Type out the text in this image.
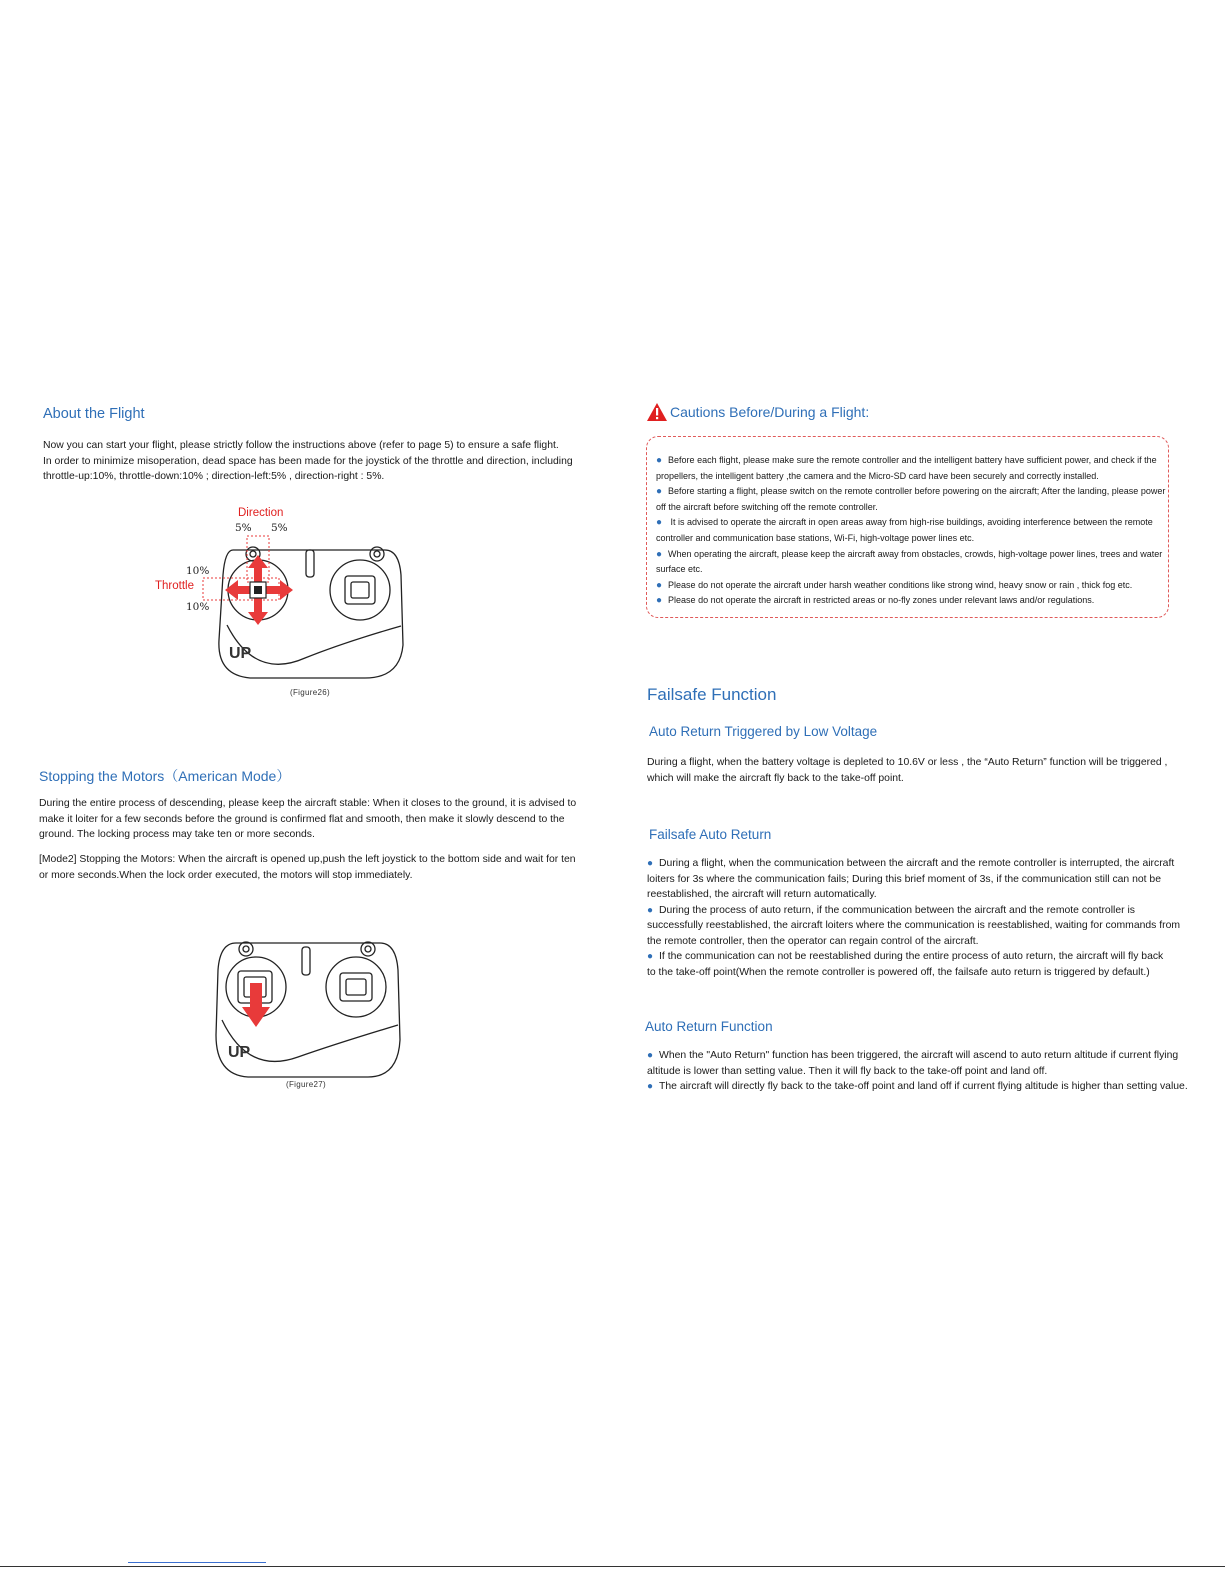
About the Flight
Now you can start your flight, please strictly follow the instructions above (refer to page 5) to ensure a safe flight.
In order to minimize misoperation, dead space has been made for the joystick of the throttle and direction, including
throttle-up:10%, throttle-down:10% ; direction-left:5% , direction-right : 5%.
Direction
5% 5%
10%
Throttle
10%
UP
(Figure26)
Stopping the Motors（American Mode）
During the entire process of descending, please keep the aircraft stable: When it closes to the ground, it is advised to
make it loiter for a few seconds before the ground is confirmed flat and smooth, then make it slowly descend to the
ground. The locking process may take ten or more seconds.
[Mode2] Stopping the Motors: When the aircraft is opened up,push the left joystick to the bottom side and wait for ten
or more seconds.When the lock order executed, the motors will stop immediately.
UP
(Figure27)
Cautions Before/During a Flight:
● Before each flight, please make sure the remote controller and the intelligent battery have sufficient power, and check if the
propellers, the intelligent battery ,the camera and the Micro-SD card have been securely and correctly installed.
● Before starting a flight, please switch on the remote controller before powering on the aircraft; After the landing, please power
off the aircraft before switching off the remote controller.
● It is advised to operate the aircraft in open areas away from high-rise buildings, avoiding interference between the remote
controller and communication base stations, Wi-Fi, high-voltage power lines etc.
● When operating the aircraft, please keep the aircraft away from obstacles, crowds, high-voltage power lines, trees and water
surface etc.
● Please do not operate the aircraft under harsh weather conditions like strong wind, heavy snow or rain , thick fog etc.
● Please do not operate the aircraft in restricted areas or no-fly zones under relevant laws and/or regulations.
Failsafe Function
Auto Return Triggered by Low Voltage
During a flight, when the battery voltage is depleted to 10.6V or less , the “Auto Return” function will be triggered ,
which will make the aircraft fly back to the take-off point.
Failsafe Auto Return
● During a flight, when the communication between the aircraft and the remote controller is interrupted, the aircraft
loiters for 3s where the communication fails; During this brief moment of 3s, if the communication still can not be
reestablished, the aircraft will return automatically.
● During the process of auto return, if the communication between the aircraft and the remote controller is
successfully reestablished, the aircraft loiters where the communication is reestablished, waiting for commands from
the remote controller, then the operator can regain control of the aircraft.
● If the communication can not be reestablished during the entire process of auto return, the aircraft will fly back
to the take-off point(When the remote controller is powered off, the failsafe auto return is triggered by default.)
Auto Return Function
● When the "Auto Return" function has been triggered, the aircraft will ascend to auto return altitude if current flying
altitude is lower than setting value. Then it will fly back to the take-off point and land off.
● The aircraft will directly fly back to the take-off point and land off if current flying altitude is higher than setting value.
